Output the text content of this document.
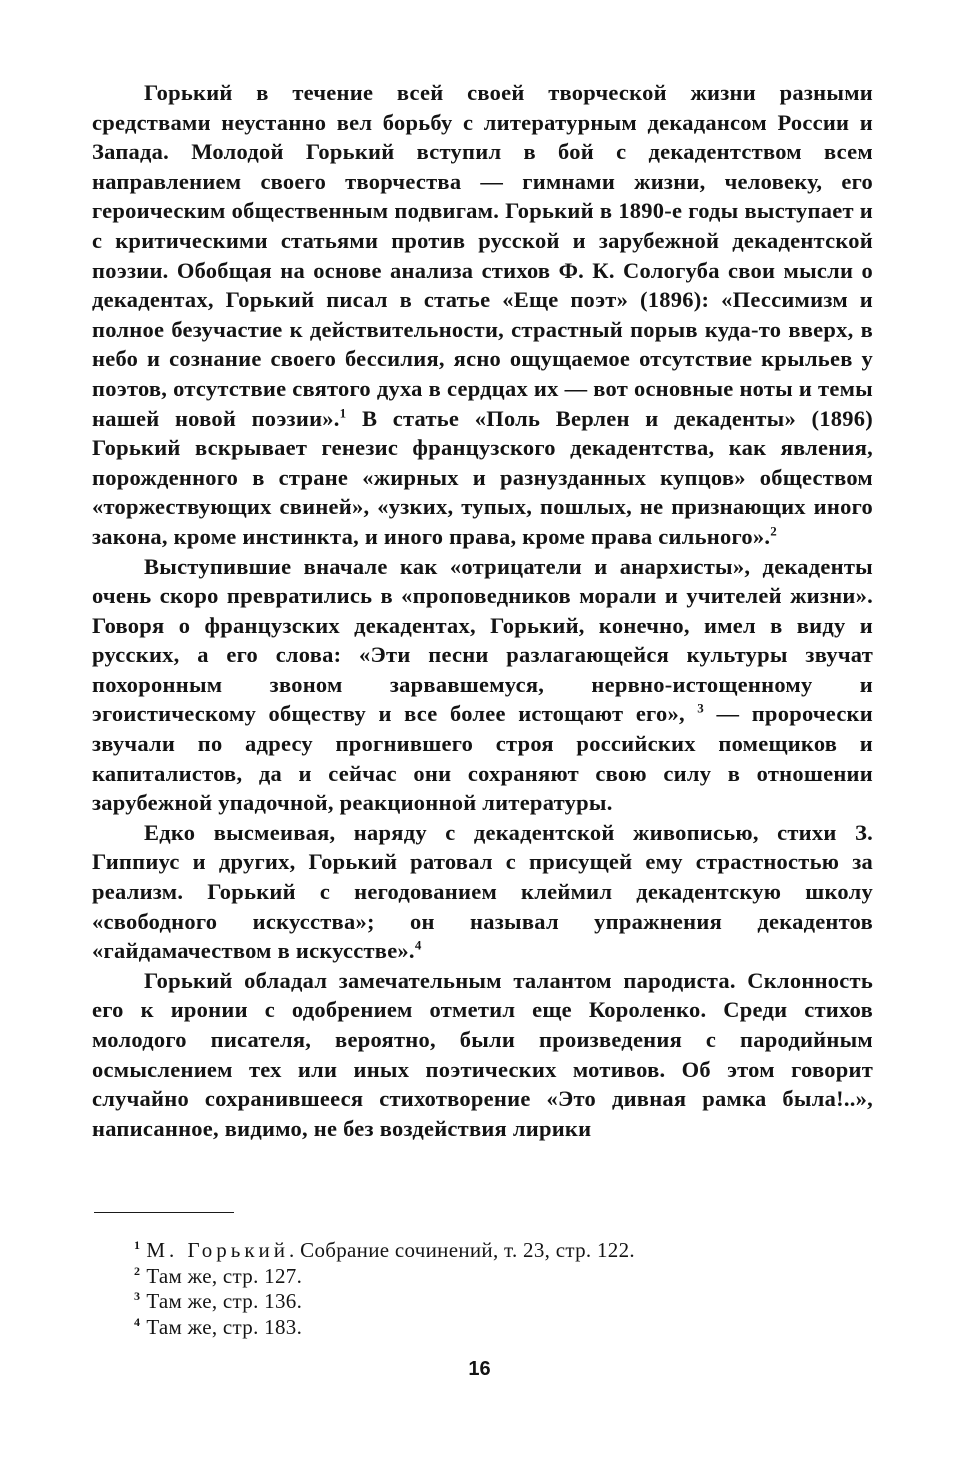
Горький в течение всей своей творческой жизни разными средствами неустанно вел борьбу с литературным декадансом России и Запада. Молодой Горький вступил в бой с декадентством всем направлением своего творчества — гимнами жизни, человеку, его героическим общественным подвигам. Горький в 1890-е годы выступает и с критическими статьями против русской и зарубежной декадентской поэзии. Обобщая на основе анализа стихов Ф. К. Сологуба свои мысли о декадентах, Горький писал в статье «Еще поэт» (1896): «Пессимизм и полное безучастие к действительности, страстный порыв куда-то вверх, в небо и сознание своего бессилия, ясно ощущаемое отсутствие крыльев у поэтов, отсутствие святого духа в сердцах их — вот основные ноты и темы нашей новой поэзии».$^1$ В статье «Поль Верлен и декаденты» (1896) Горький вскрывает генезис французского декадентства, как явления, порожденного в стране «жирных и разнузданных купцов» обществом «торжествующих свиней», «узких, тупых, пошлых, не признающих иного закона, кроме инстинкта, и иного права, кроме права сильного».$^2$

Выступившие вначале как «отрицатели и анархисты», декаденты очень скоро превратились в «проповедников морали и учителей жизни». Говоря о французских декадентах, Горький, конечно, имел в виду и русских, а его слова: «Эти песни разлагающейся культуры звучат похоронным звоном зарвавшемуся, нервно-истощенному и эгоистическому обществу и все более истощают его», $^3$ — пророчески звучали по адресу прогнившего строя российских помещиков и капиталистов, да и сейчас они сохраняют свою силу в отношении зарубежной упадочной, реакционной литературы.

Едко высмеивая, наряду с декадентской живописью, стихи З. Гиппиус и других, Горький ратовал с присущей ему страстностью за реализм. Горький с негодованием клеймил декадентскую школу «свободного искусства»; он называл упражнения декадентов «гайдамачеством в искусстве».$^4$

Горький обладал замечательным талантом пародиста. Склонность его к иронии с одобрением отметил еще Короленко. Среди стихов молодого писателя, вероятно, были произведения с пародийным осмыслением тех или иных поэтических мотивов. Об этом говорит случайно сохранившееся стихотворение «Это дивная рамка была!..», написанное, видимо, не без воздействия лирики

$^1$ М. Горький. Собрание сочинений, т. 23, стр. 122.
$^2$ Там же, стр. 127.
$^3$ Там же, стр. 136.
$^4$ Там же, стр. 183.
16
